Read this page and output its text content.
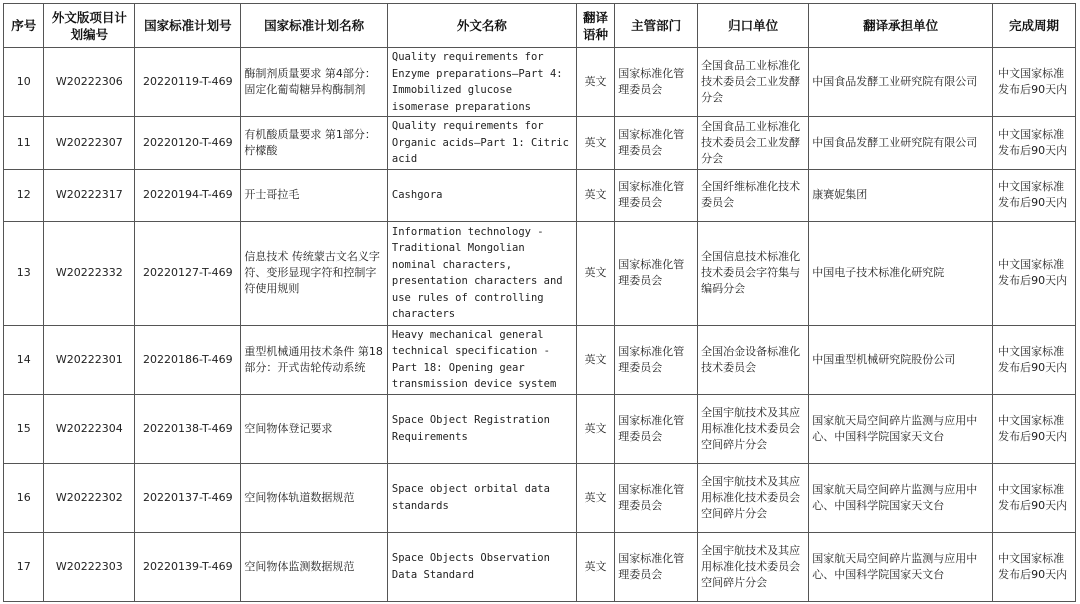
序号	外文版项目计划编号	国家标准计划号	国家标准计划名称	外文名称	翻译语种	主管部门	归口单位	翻译承担单位	完成周期
10	W20222306	20220119-T-469	酶制剂质量要求 第4部分：固定化葡萄糖异构酶制剂	Quality requirements for Enzyme preparations—Part 4: Immobilized glucose isomerase preparations	英文	国家标准化管理委员会	全国食品工业标准化技术委员会工业发酵分会	中国食品发酵工业研究院有限公司	中文国家标准发布后90天内
11	W20222307	20220120-T-469	有机酸质量要求 第1部分：柠檬酸	Quality requirements for Organic acids—Part 1: Citric acid	英文	国家标准化管理委员会	全国食品工业标准化技术委员会工业发酵分会	中国食品发酵工业研究院有限公司	中文国家标准发布后90天内
12	W20222317	20220194-T-469	开士哥拉毛	Cashgora	英文	国家标准化管理委员会	全国纤维标准化技术委员会	康赛妮集团	中文国家标准发布后90天内
13	W20222332	20220127-T-469	信息技术 传统蒙古文名义字符、变形显现字符和控制字符使用规则	Information technology - Traditional Mongolian nominal characters, presentation characters and use rules of controlling characters	英文	国家标准化管理委员会	全国信息技术标准化技术委员会字符集与编码分会	中国电子技术标准化研究院	中文国家标准发布后90天内
14	W20222301	20220186-T-469	重型机械通用技术条件 第18部分：开式齿轮传动系统	Heavy mechanical general technical specification - Part 18: Opening gear transmission device system	英文	国家标准化管理委员会	全国冶金设备标准化技术委员会	中国重型机械研究院股份公司	中文国家标准发布后90天内
15	W20222304	20220138-T-469	空间物体登记要求	Space Object Registration Requirements	英文	国家标准化管理委员会	全国宇航技术及其应用标准化技术委员会空间碎片分会	国家航天局空间碎片监测与应用中心、中国科学院国家天文台	中文国家标准发布后90天内
16	W20222302	20220137-T-469	空间物体轨道数据规范	Space object orbital data standards	英文	国家标准化管理委员会	全国宇航技术及其应用标准化技术委员会空间碎片分会	国家航天局空间碎片监测与应用中心、中国科学院国家天文台	中文国家标准发布后90天内
17	W20222303	20220139-T-469	空间物体监测数据规范	Space Objects Observation Data Standard	英文	国家标准化管理委员会	全国宇航技术及其应用标准化技术委员会空间碎片分会	国家航天局空间碎片监测与应用中心、中国科学院国家天文台	中文国家标准发布后90天内
